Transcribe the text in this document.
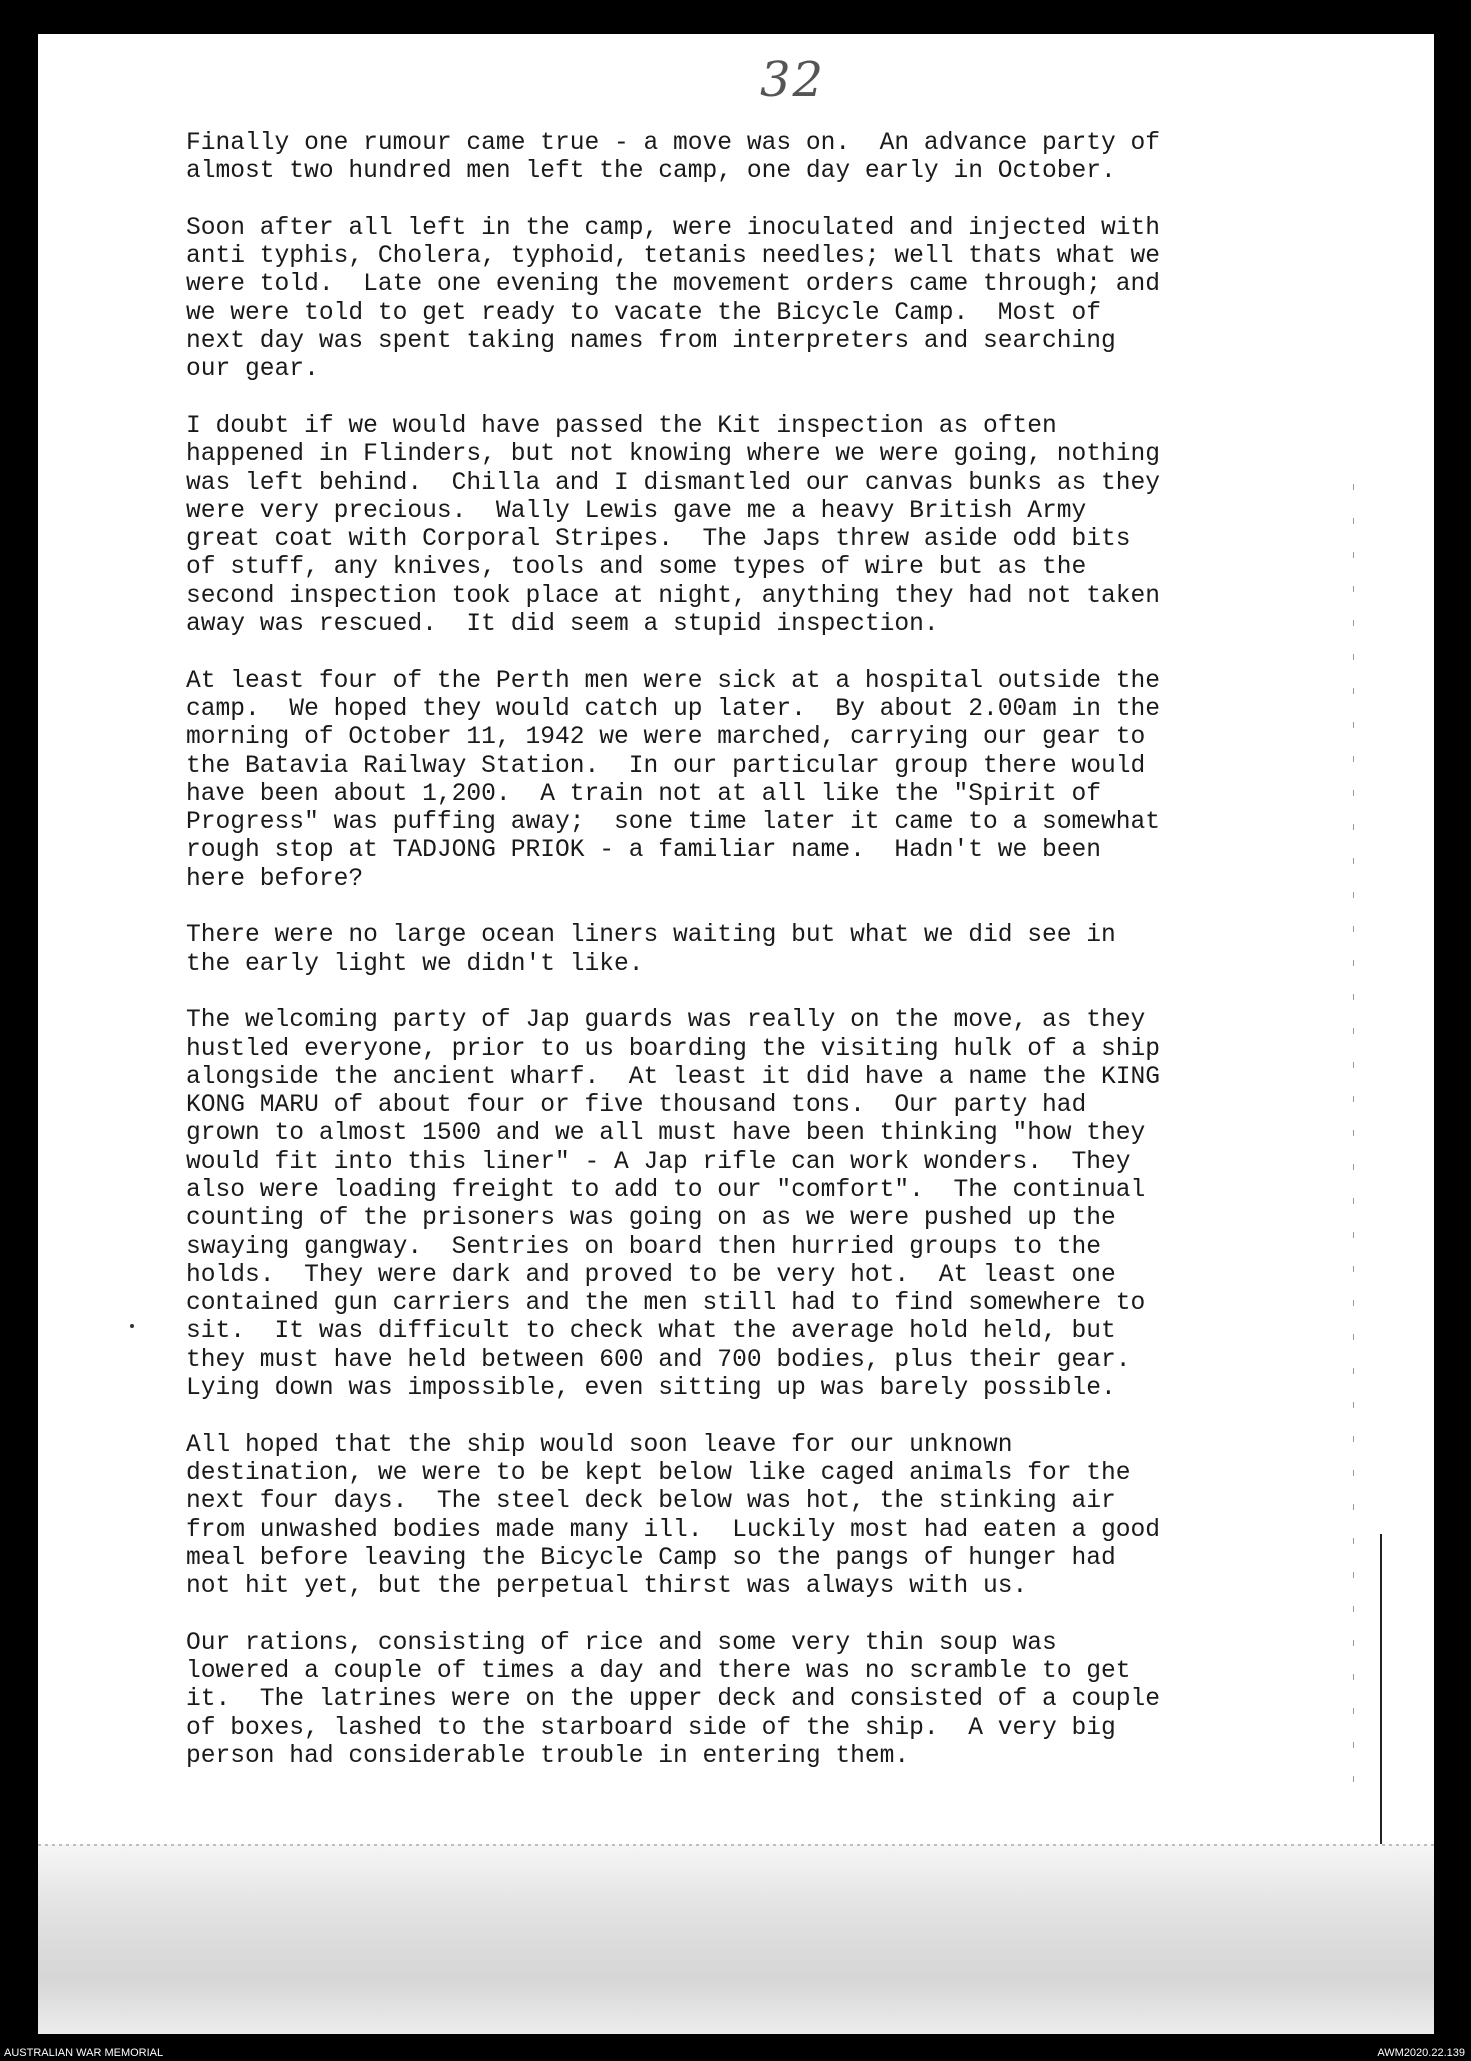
32

Finally one rumour came true - a move was on.  An advance party of
almost two hundred men left the camp, one day early in October.

Soon after all left in the camp, were inoculated and injected with
anti typhis, Cholera, typhoid, tetanis needles; well thats what we
were told.  Late one evening the movement orders came through; and
we were told to get ready to vacate the Bicycle Camp.  Most of
next day was spent taking names from interpreters and searching
our gear.

I doubt if we would have passed the Kit inspection as often
happened in Flinders, but not knowing where we were going, nothing
was left behind.  Chilla and I dismantled our canvas bunks as they
were very precious.  Wally Lewis gave me a heavy British Army
great coat with Corporal Stripes.  The Japs threw aside odd bits
of stuff, any knives, tools and some types of wire but as the
second inspection took place at night, anything they had not taken
away was rescued.  It did seem a stupid inspection.

At least four of the Perth men were sick at a hospital outside the
camp.  We hoped they would catch up later.  By about 2.00am in the
morning of October 11, 1942 we were marched, carrying our gear to
the Batavia Railway Station.  In our particular group there would
have been about 1,200.  A train not at all like the "Spirit of
Progress" was puffing away;  sone time later it came to a somewhat
rough stop at TADJONG PRIOK - a familiar name.  Hadn't we been
here before?

There were no large ocean liners waiting but what we did see in
the early light we didn't like.

The welcoming party of Jap guards was really on the move, as they
hustled everyone, prior to us boarding the visiting hulk of a ship
alongside the ancient wharf.  At least it did have a name the KING
KONG MARU of about four or five thousand tons.  Our party had
grown to almost 1500 and we all must have been thinking "how they
would fit into this liner" - A Jap rifle can work wonders.  They
also were loading freight to add to our "comfort".  The continual
counting of the prisoners was going on as we were pushed up the
swaying gangway.  Sentries on board then hurried groups to the
holds.  They were dark and proved to be very hot.  At least one
contained gun carriers and the men still had to find somewhere to
sit.  It was difficult to check what the average hold held, but
they must have held between 600 and 700 bodies, plus their gear.
Lying down was impossible, even sitting up was barely possible.

All hoped that the ship would soon leave for our unknown
destination, we were to be kept below like caged animals for the
next four days.  The steel deck below was hot, the stinking air
from unwashed bodies made many ill.  Luckily most had eaten a good
meal before leaving the Bicycle Camp so the pangs of hunger had
not hit yet, but the perpetual thirst was always with us.

Our rations, consisting of rice and some very thin soup was
lowered a couple of times a day and there was no scramble to get
it.  The latrines were on the upper deck and consisted of a couple
of boxes, lashed to the starboard side of the ship.  A very big
person had considerable trouble in entering them.

AUSTRALIAN WAR MEMORIAL	AWM2020.22.139
